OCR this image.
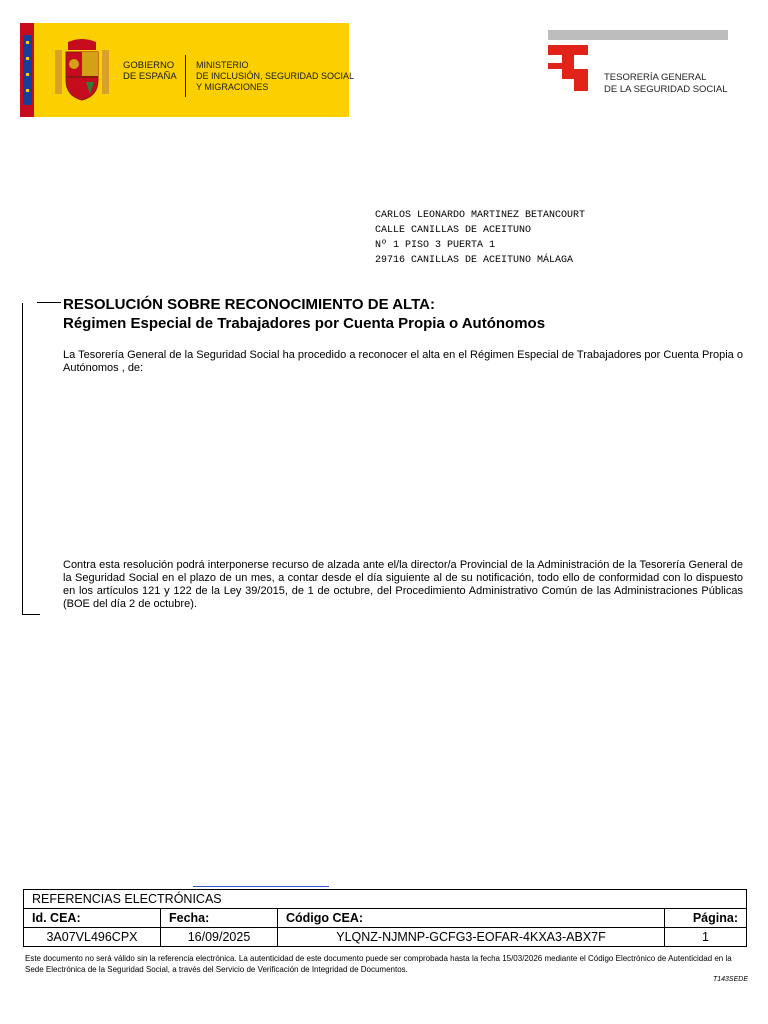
GOBIERNO
DE ESPAÑA
MINISTERIO
DE INCLUSIÓN, SEGURIDAD SOCIAL
Y MIGRACIONES
TESORERÍA GENERAL
DE LA SEGURIDAD SOCIAL
CARLOS LEONARDO MARTINEZ BETANCOURT
CALLE CANILLAS DE ACEITUNO
Nº 1 PISO 3 PUERTA 1
29716 CANILLAS DE ACEITUNO MÁLAGA
RESOLUCIÓN SOBRE RECONOCIMIENTO DE ALTA:
Régimen Especial de Trabajadores por Cuenta Propia o Autónomos
La Tesorería General de la Seguridad Social ha procedido a reconocer el alta en el Régimen Especial de Trabajadores por Cuenta Propia o Autónomos , de:
Contra esta resolución podrá interponerse recurso de alzada ante el/la director/a Provincial de la Administración de la Tesorería General de la Seguridad Social en el plazo de un mes, a contar desde el día siguiente al de su notificación, todo ello de conformidad con lo dispuesto en los artículos 121 y 122 de la Ley 39/2015, de 1 de octubre, del Procedimiento Administrativo Común de las Administraciones Públicas (BOE del día 2 de octubre).
REFERENCIAS ELECTRÓNICAS			
Id. CEA:	Fecha:	Código CEA:	Página:
3A07VL496CPX	16/09/2025	YLQNZ-NJMNP-GCFG3-EOFAR-4KXA3-ABX7F	1
Este documento no será válido sin la referencia electrónica. La autenticidad de este documento puede ser comprobada hasta la fecha 15/03/2026 mediante el Código Electrónico de Autenticidad en la Sede Electrónica de la Seguridad Social, a través del Servicio de Verificación de Integridad de Documentos.
T143SEDE
